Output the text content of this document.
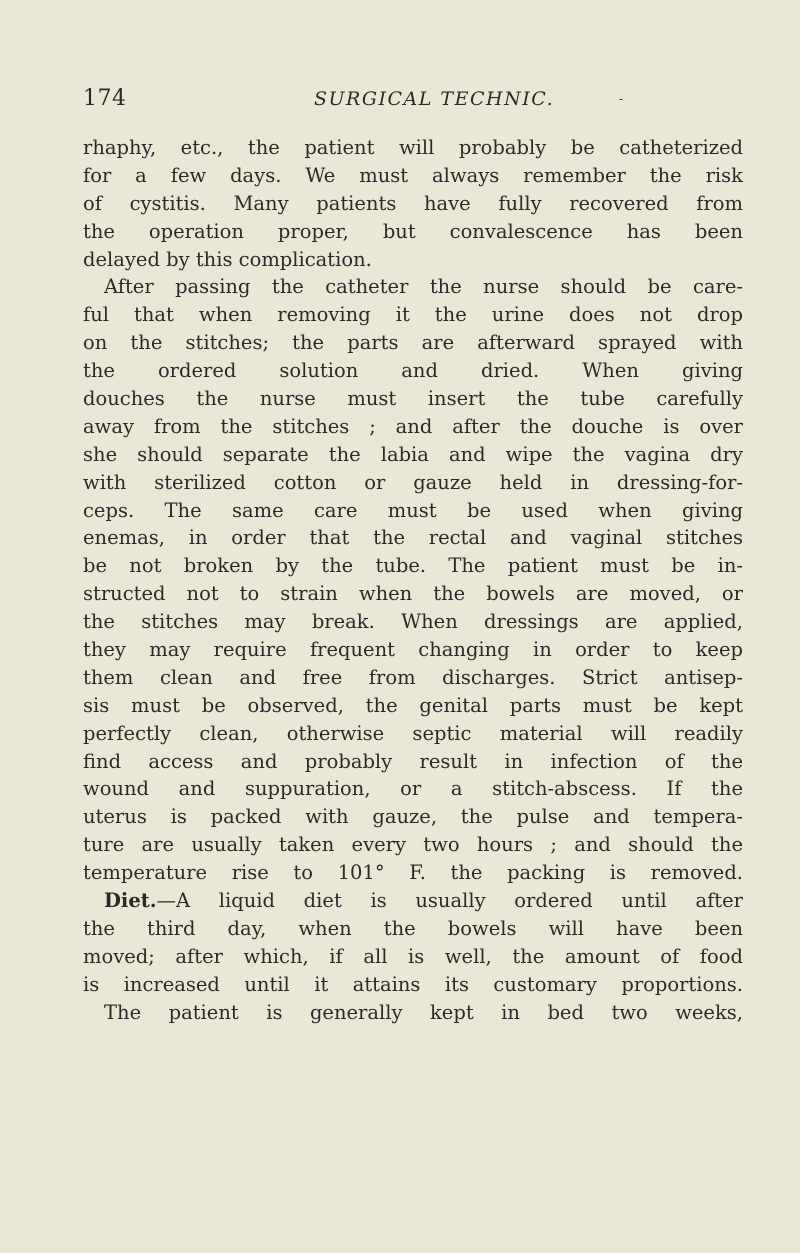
174	SURGICAL TECHNIC.	-
rhaphy, etc., the patient will probably be catheterized
for a few days. We must always remember the risk
of cystitis. Many patients have fully recovered from
the operation proper, but convalescence has been
delayed by this complication.
After passing the catheter the nurse should be care-
ful that when removing it the urine does not drop
on the stitches; the parts are afterward sprayed with
the ordered solution and dried. When giving
douches the nurse must insert the tube carefully
away from the stitches ; and after the douche is over
she should separate the labia and wipe the vagina dry
with sterilized cotton or gauze held in dressing-for-
ceps. The same care must be used when giving
enemas, in order that the rectal and vaginal stitches
be not broken by the tube. The patient must be in-
structed not to strain when the bowels are moved, or
the stitches may break. When dressings are applied,
they may require frequent changing in order to keep
them clean and free from discharges. Strict antisep-
sis must be observed, the genital parts must be kept
perfectly clean, otherwise septic material will readily
find access and probably result in infection of the
wound and suppuration, or a stitch-abscess. If the
uterus is packed with gauze, the pulse and tempera-
ture are usually taken every two hours ; and should the
temperature rise to 101° F. the packing is removed.
Diet.—A liquid diet is usually ordered until after
the third day, when the bowels will have been
moved; after which, if all is well, the amount of food
is increased until it attains its customary proportions.
The patient is generally kept in bed two weeks,
